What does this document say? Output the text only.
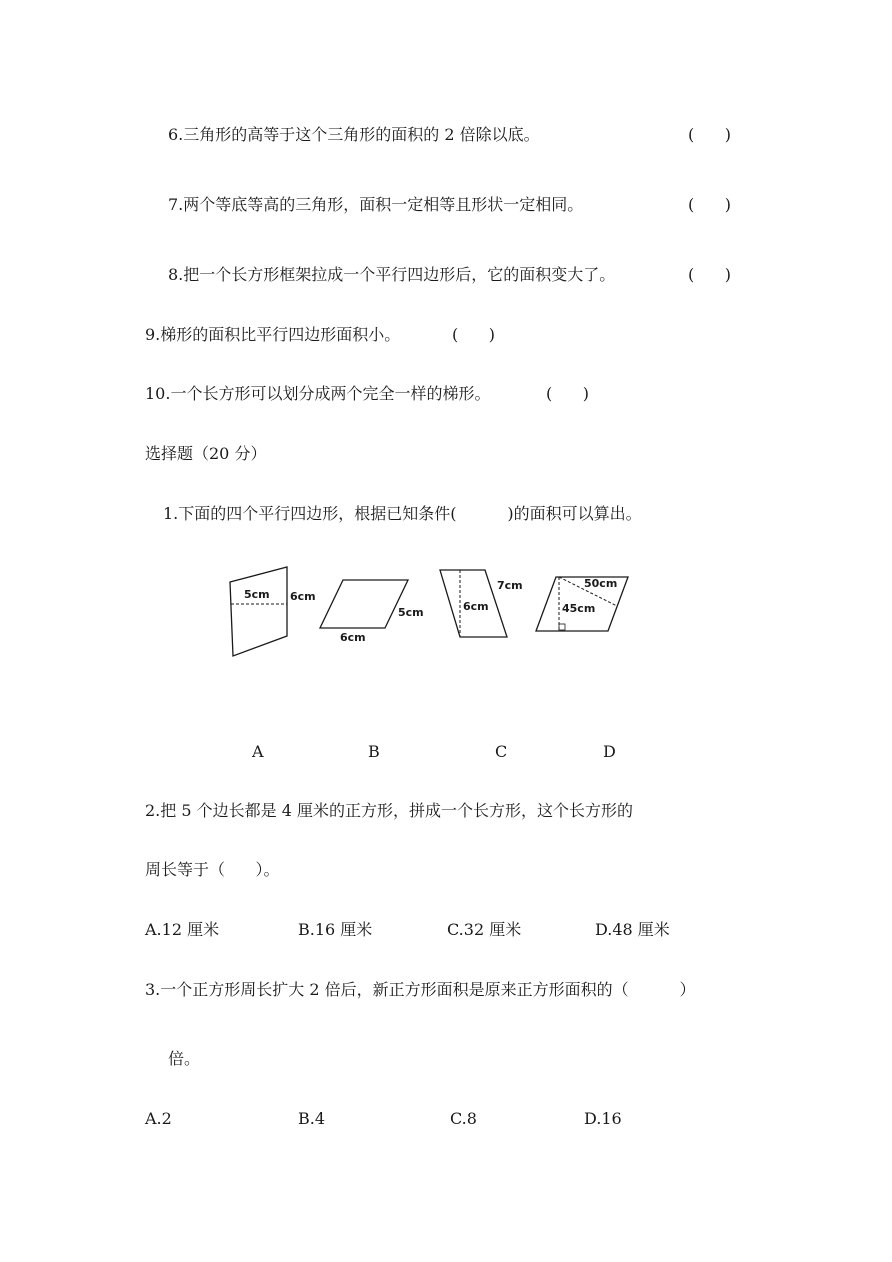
6.三角形的高等于这个三角形的面积的 2 倍除以底。	(      )
7.两个等底等高的三角形，面积一定相等且形状一定相同。	(      )
8.把一个长方形框架拉成一个平行四边形后，它的面积变大了。	(      )
9.梯形的面积比平行四边形面积小。	(      )
10.一个长方形可以划分成两个完全一样的梯形。	(      )
选择题（20 分）
1.下面的四个平行四边形，根据已知条件(          )的面积可以算出。
5cm 6cm
5cm
6cm
7cm
6cm
50cm
45cm
A	B	C	D
2.把 5 个边长都是 4 厘米的正方形，拼成一个长方形，这个长方形的
周长等于（      ）。
A.12 厘米	B.16 厘米	C.32 厘米	D.48 厘米
3.一个正方形周长扩大 2 倍后，新正方形面积是原来正方形面积的（          ）
倍。
A.2	B.4	C.8	D.16
